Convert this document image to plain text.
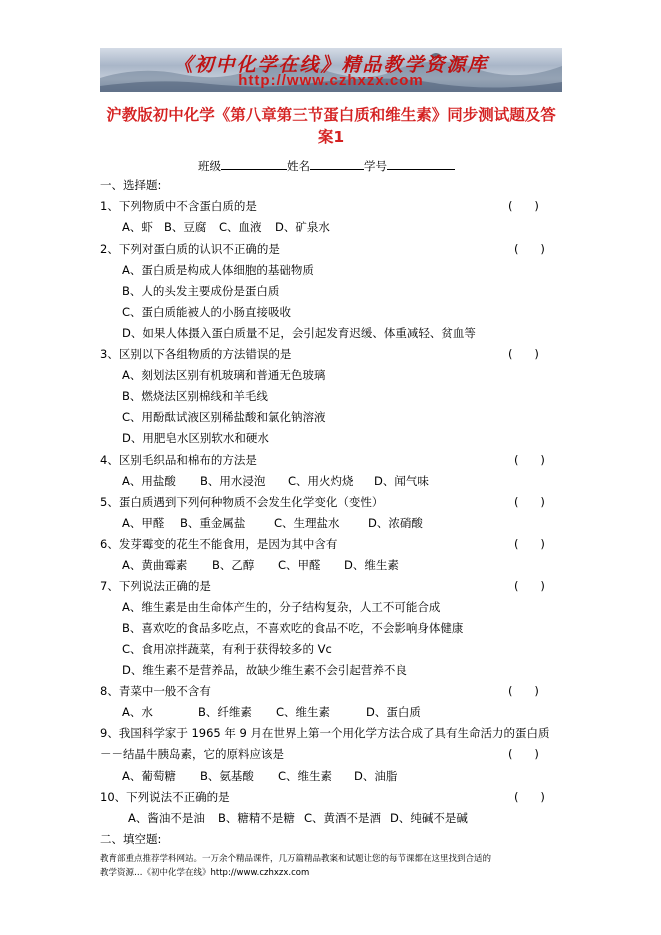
《初中化学在线》精品教学资源库
http://www.czhxzx.com
沪教版初中化学《第八章第三节蛋白质和维生素》同步测试题及答案1
班级	姓名	学号
一、选择题:
1、下列物质中不含蛋白质的是	(      )
A、虾 B、豆腐 C、血液 D、矿泉水
2、下列对蛋白质的认识不正确的是	(      )
A、蛋白质是构成人体细胞的基础物质
B、人的头发主要成份是蛋白质
C、蛋白质能被人的小肠直接吸收
D、如果人体摄入蛋白质量不足，会引起发育迟缓、体重减轻、贫血等
3、区别以下各组物质的方法错误的是	(      )
A、刻划法区别有机玻璃和普通无色玻璃
B、燃烧法区别棉线和羊毛线
C、用酚酞试液区别稀盐酸和氯化钠溶液
D、用肥皂水区别软水和硬水
4、区别毛织品和棉布的方法是	(      )
A、用盐酸 B、用水浸泡 C、用火灼烧 D、闻气味
5、蛋白质遇到下列何种物质不会发生化学变化（变性）	(      )
A、甲醛 B、重金属盐 C、生理盐水 D、浓硝酸
6、发芽霉变的花生不能食用，是因为其中含有	(      )
A、黄曲霉素 B、乙醇 C、甲醛 D、维生素
7、下列说法正确的是	(      )
A、维生素是由生命体产生的，分子结构复杂，人工不可能合成
B、喜欢吃的食品多吃点，不喜欢吃的食品不吃，不会影响身体健康
C、食用凉拌蔬菜，有利于获得较多的 Vc
D、维生素不是营养品，故缺少维生素不会引起营养不良
8、青菜中一般不含有	(      )
A、水	B、纤维素 C、维生素	D、蛋白质
9、我国科学家于 1965 年 9 月在世界上第一个用化学方法合成了具有生命活力的蛋白质
－－结晶牛胰岛素，它的原料应该是	(      )
A、葡萄糖 B、氨基酸 C、维生素 D、油脂
10、下列说法不正确的是	(      )
A、酱油不是油 B、糖精不是糖 C、黄酒不是酒 D、纯碱不是碱
二、填空题:
教育部重点推荐学科网站。一万余个精品课件，几万篇精品教案和试题让您的每节课都在这里找到合适的
教学资源…《初中化学在线》http://www.czhxzx.com
